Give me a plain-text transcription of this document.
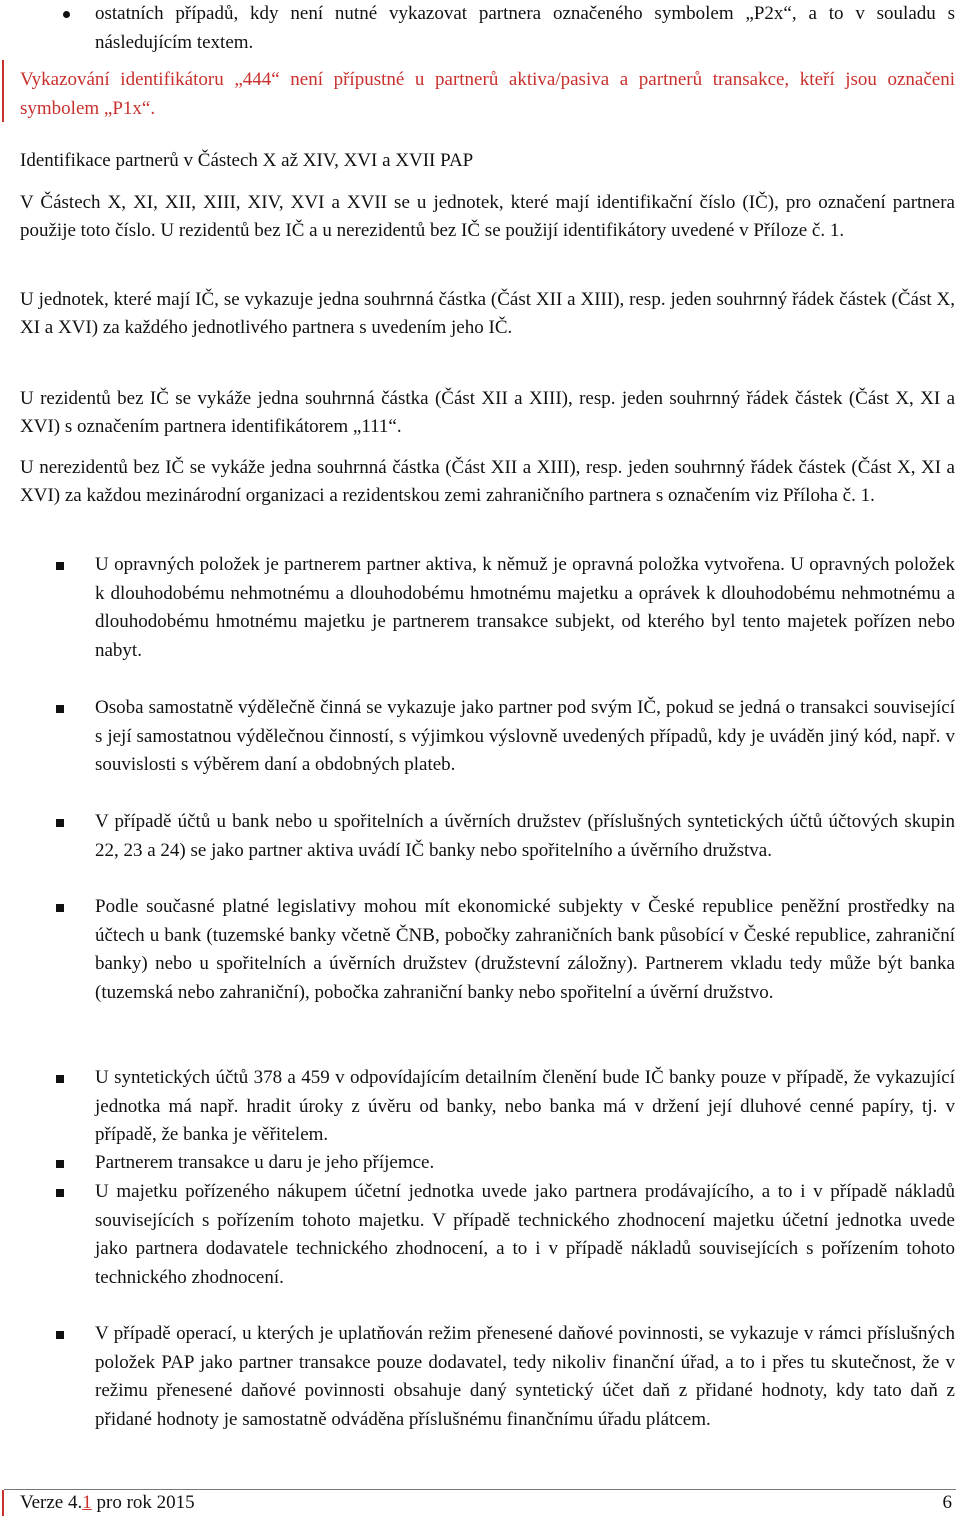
ostatních případů, kdy není nutné vykazovat partnera označeného symbolem „P2x“, a to v souladu s následujícím textem.

Vykazování identifikátoru „444“ není přípustné u partnerů aktiva/pasiva a partnerů transakce, kteří jsou označeni symbolem „P1x“.

Identifikace partnerů v Částech X až XIV, XVI a XVII PAP

V Částech X, XI, XII, XIII, XIV, XVI a XVII se u jednotek, které mají identifikační číslo (IČ), pro označení partnera použije toto číslo. U rezidentů bez IČ a u nerezidentů bez IČ se použijí identifikátory uvedené v Příloze č. 1.

U jednotek, které mají IČ, se vykazuje jedna souhrnná částka (Část XII a XIII), resp. jeden souhrnný řádek částek (Část X, XI a XVI) za každého jednotlivého partnera s uvedením jeho IČ.

U rezidentů bez IČ se vykáže jedna souhrnná částka (Část XII a XIII), resp. jeden souhrnný řádek částek (Část X, XI a XVI) s označením partnera identifikátorem „111“.

U nerezidentů bez IČ se vykáže jedna souhrnná částka (Část XII a XIII), resp. jeden souhrnný řádek částek (Část X, XI a XVI) za každou mezinárodní organizaci a rezidentskou zemi zahraničního partnera s označením viz Příloha č. 1.

U opravných položek je partnerem partner aktiva, k němuž je opravná položka vytvořena. U opravných položek k dlouhodobému nehmotnému a dlouhodobému hmotnému majetku a oprávek k dlouhodobému nehmotnému a dlouhodobému hmotnému majetku je partnerem transakce subjekt, od kterého byl tento majetek pořízen nebo nabyt.

Osoba samostatně výdělečně činná se vykazuje jako partner pod svým IČ, pokud se jedná o transakci související s její samostatnou výdělečnou činností, s výjimkou výslovně uvedených případů, kdy je uváděn jiný kód, např. v souvislosti s výběrem daní a obdobných plateb.

V případě účtů u bank nebo u spořitelních a úvěrních družstev (příslušných syntetických účtů účtových skupin 22, 23 a 24) se jako partner aktiva uvádí IČ banky nebo spořitelního a úvěrního družstva.

Podle současné platné legislativy mohou mít ekonomické subjekty v České republice peněžní prostředky na účtech u bank (tuzemské banky včetně ČNB, pobočky zahraničních bank působící v České republice, zahraniční banky) nebo u spořitelních a úvěrních družstev (družstevní záložny). Partnerem vkladu tedy může být banka (tuzemská nebo zahraniční), pobočka zahraniční banky nebo spořitelní a úvěrní družstvo.

U syntetických účtů 378 a 459 v odpovídajícím detailním členění bude IČ banky pouze v případě, že vykazující jednotka má např. hradit úroky z úvěru od banky, nebo banka má v držení její dluhové cenné papíry, tj. v případě, že banka je věřitelem.

Partnerem transakce u daru je jeho příjemce.

U majetku pořízeného nákupem účetní jednotka uvede jako partnera prodávajícího, a to i v případě nákladů souvisejících s pořízením tohoto majetku. V případě technického zhodnocení majetku účetní jednotka uvede jako partnera dodavatele technického zhodnocení, a to i v případě nákladů souvisejících s pořízením tohoto technického zhodnocení.

V případě operací, u kterých je uplatňován režim přenesené daňové povinnosti, se vykazuje v rámci příslušných položek PAP jako partner transakce pouze dodavatel, tedy nikoliv finanční úřad, a to i přes tu skutečnost, že v režimu přenesené daňové povinnosti obsahuje daný syntetický účet daň z přidané hodnoty, kdy tato daň z přidané hodnoty je samostatně odváděna příslušnému finančnímu úřadu plátcem.

Verze 4.1 pro rok 2015	6
